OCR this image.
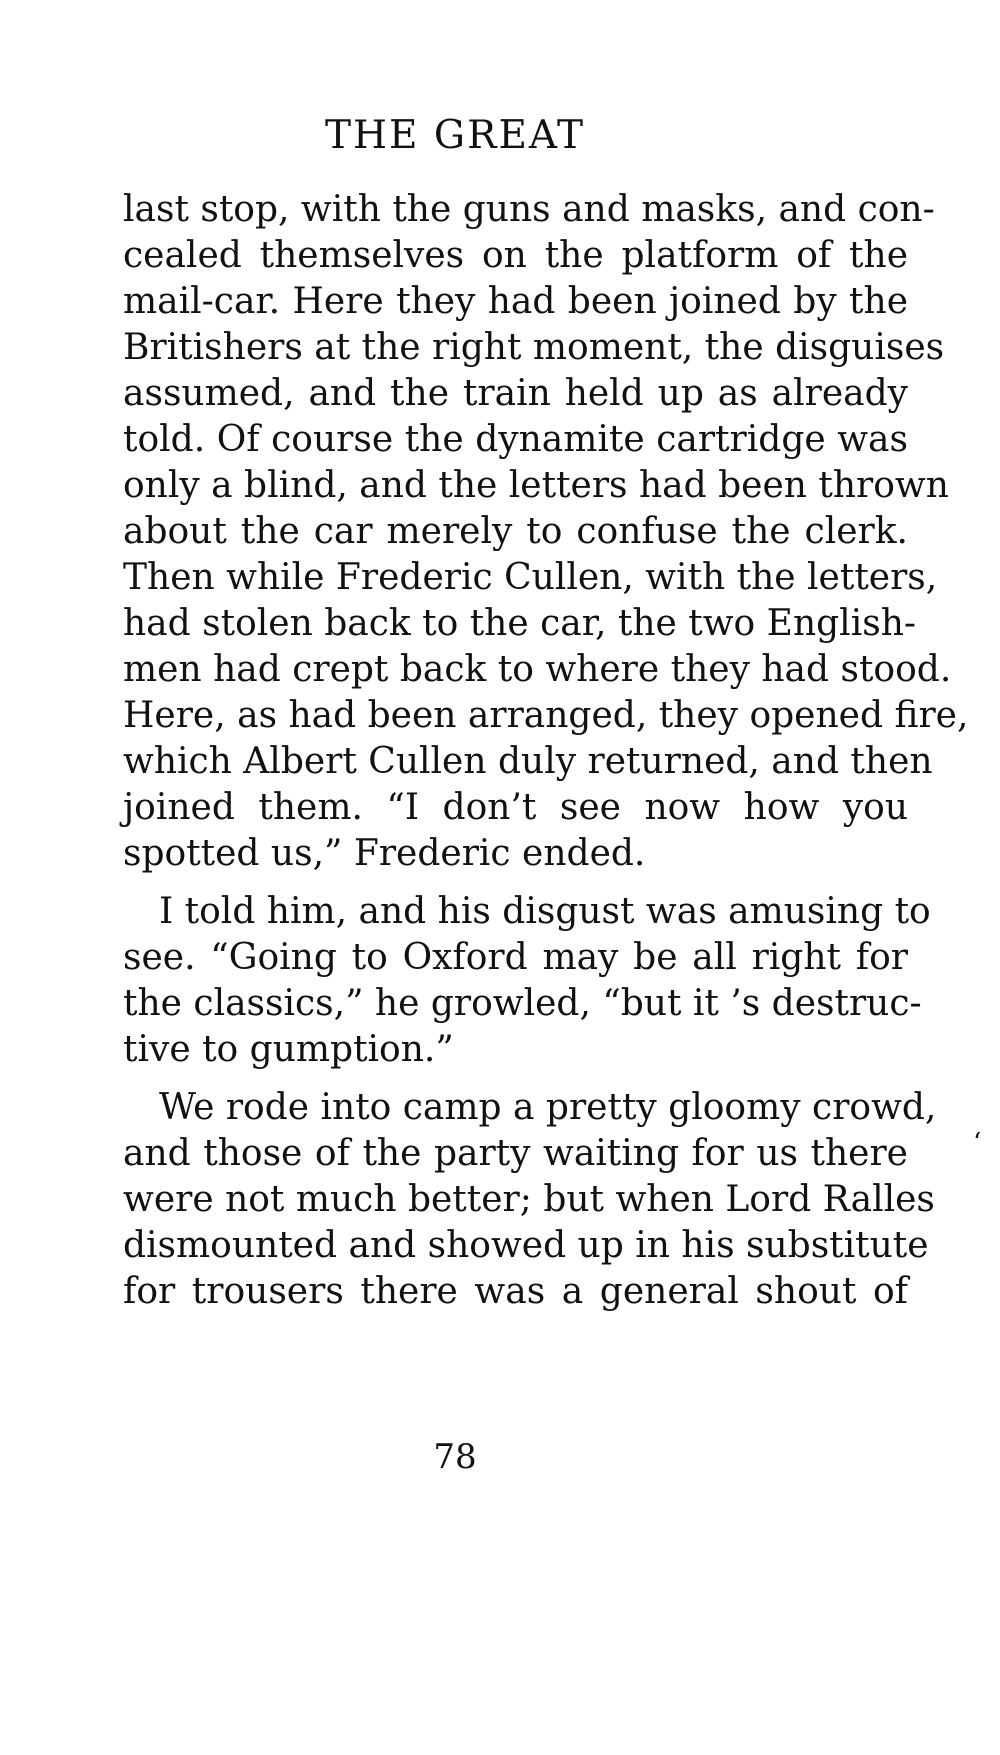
THE GREAT
last stop, with the guns and masks, and con-
cealed themselves on the platform of the
mail-car. Here they had been joined by the
Britishers at the right moment, the disguises
assumed, and the train held up as already
told. Of course the dynamite cartridge was
only a blind, and the letters had been thrown
about the car merely to confuse the clerk.
Then while Frederic Cullen, with the letters,
had stolen back to the car, the two English-
men had crept back to where they had stood.
Here, as had been arranged, they opened fire,
which Albert Cullen duly returned, and then
joined them. “I don’t see now how you
spotted us,” Frederic ended.
I told him, and his disgust was amusing to
see. “Going to Oxford may be all right for
the classics,” he growled, “but it ’s destruc-
tive to gumption.”
We rode into camp a pretty gloomy crowd,
and those of the party waiting for us there
were not much better; but when Lord Ralles
dismounted and showed up in his substitute
for trousers there was a general shout of
‘
78
